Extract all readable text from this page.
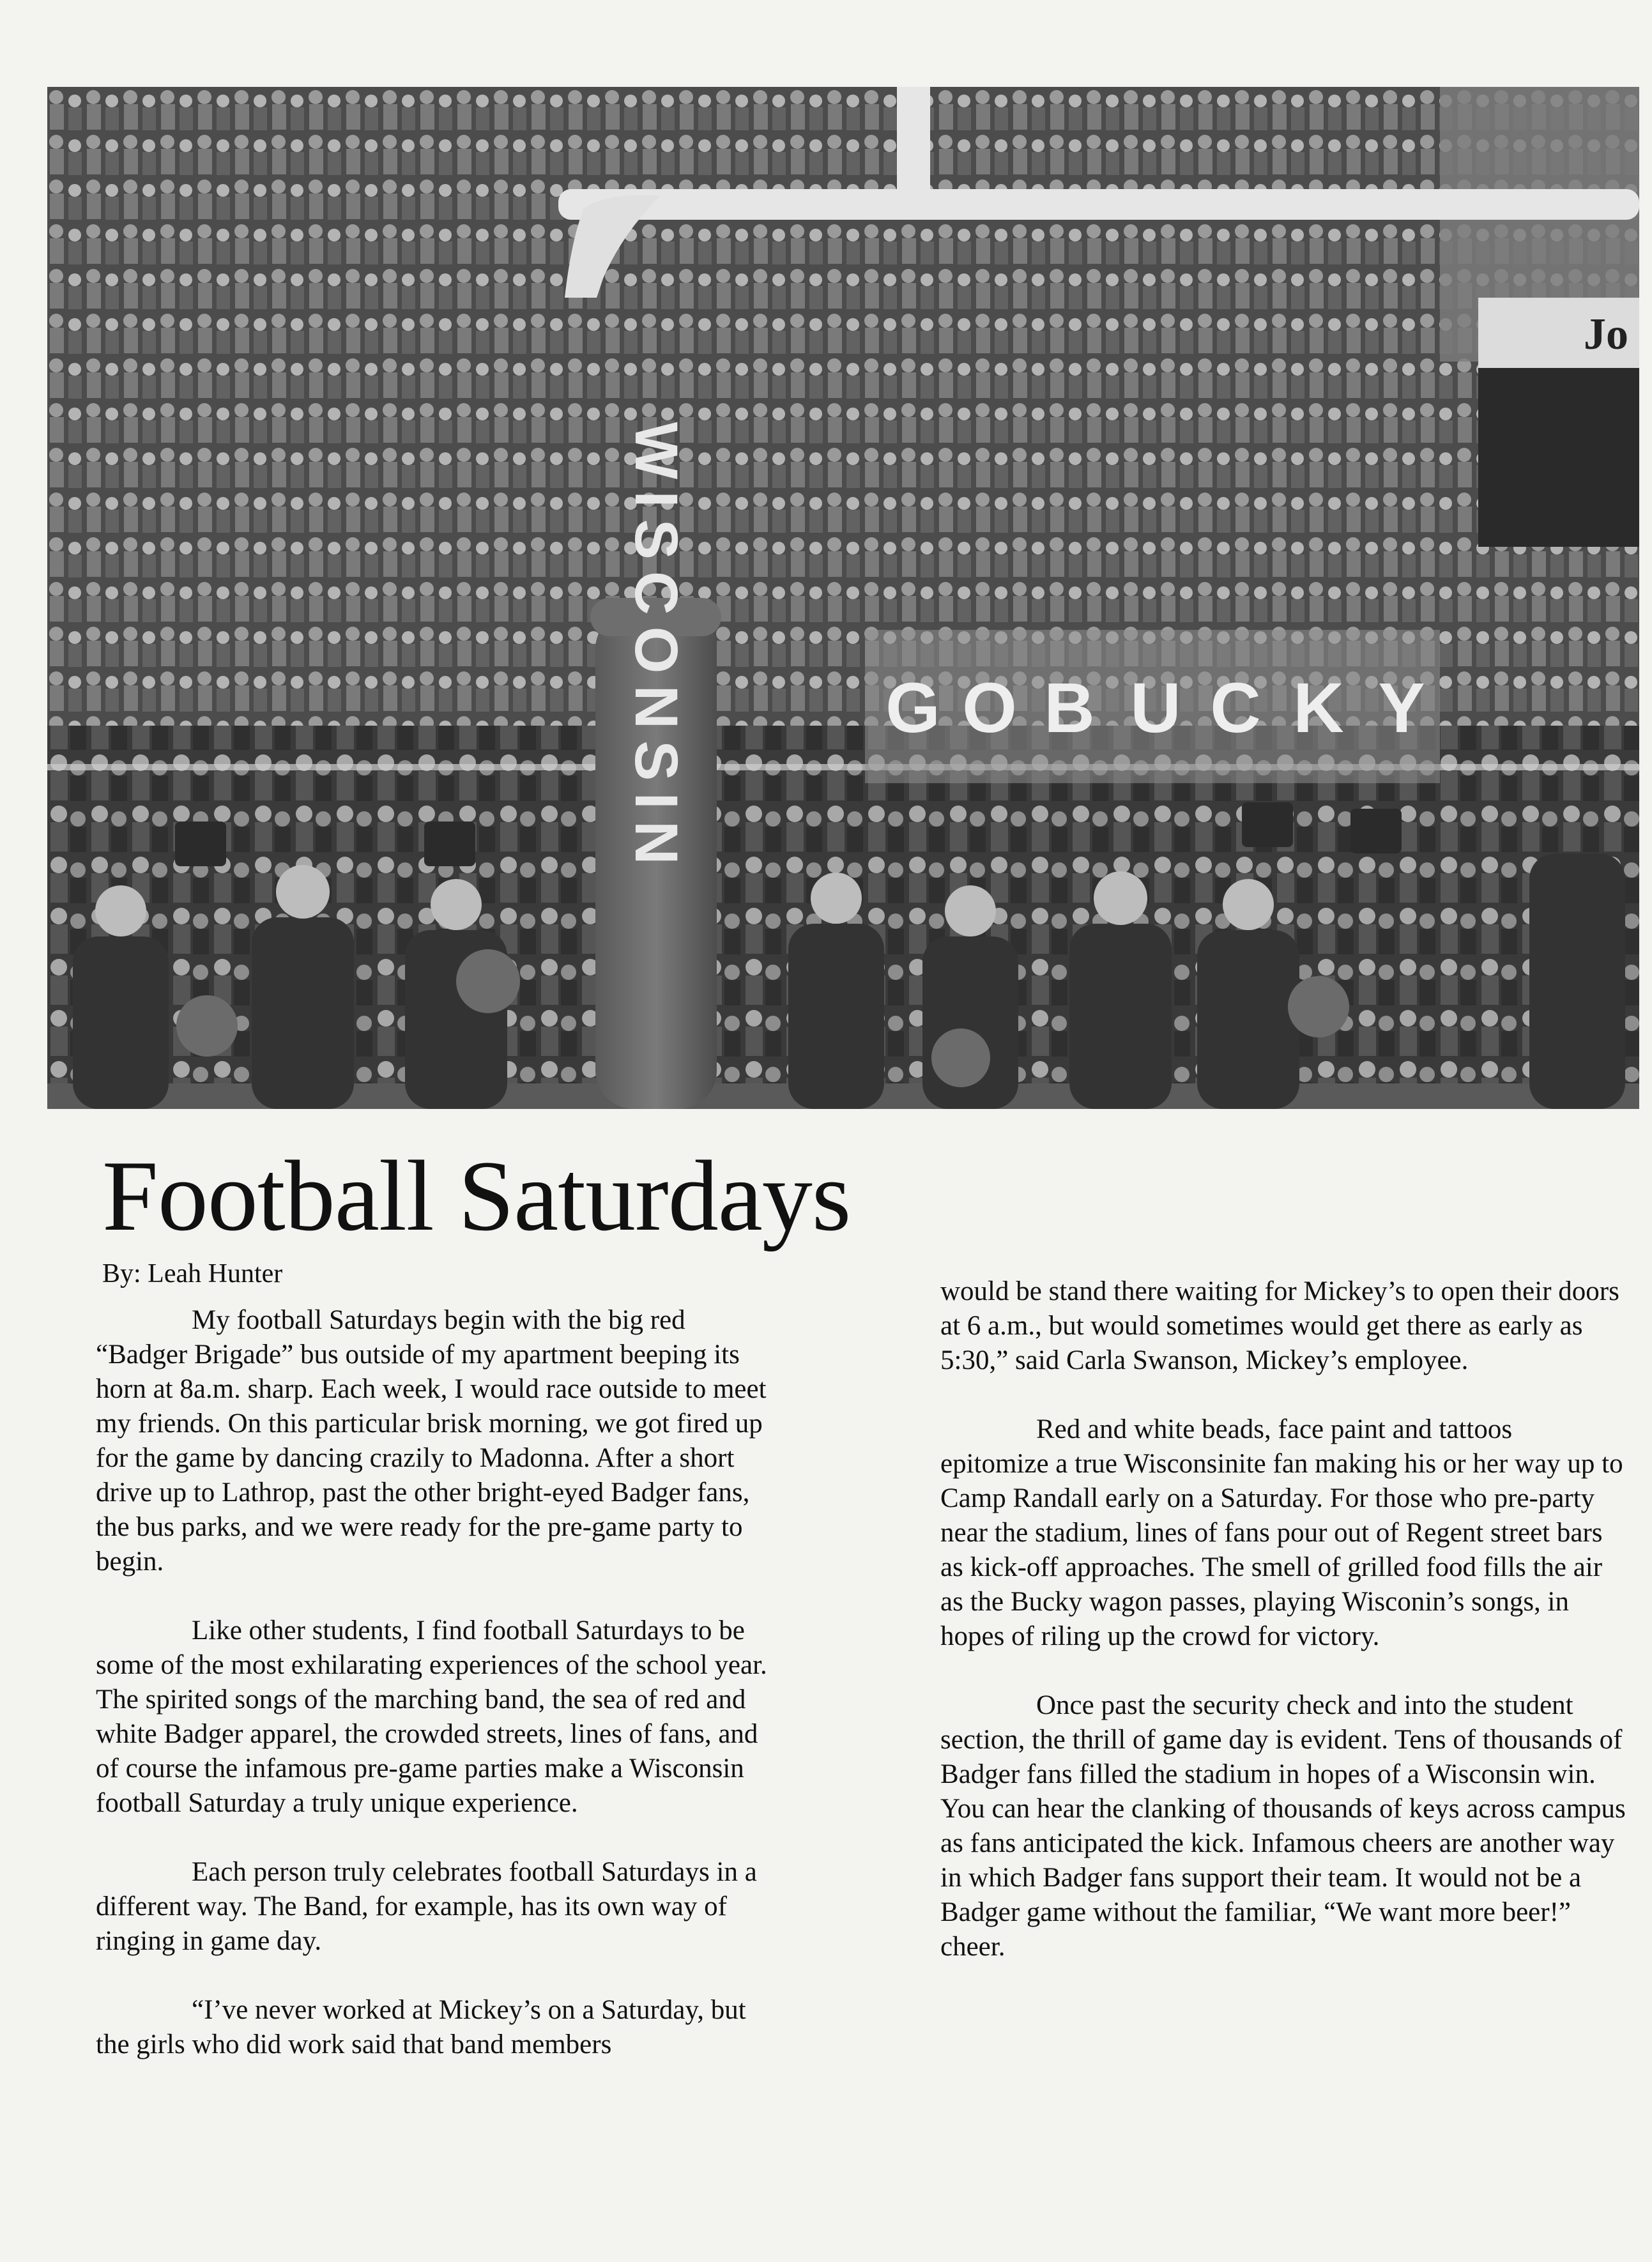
Jo
WISCONSIN	G O B U C K Y
Football Saturdays
By: Leah Hunter

My football Saturdays begin with the big red “Badger Brigade” bus outside of my apartment beeping its horn at 8a.m. sharp. Each week, I would race outside to meet my friends. On this particular brisk morning, we got fired up for the game by dancing crazily to Madonna. After a short drive up to Lathrop, past the other bright-eyed Badger fans, the bus parks, and we were ready for the pre-game party to begin.

Like other students, I find football Saturdays to be some of the most exhilarating experiences of the school year. The spirited songs of the marching band, the sea of red and white Badger apparel, the crowded streets, lines of fans, and of course the infamous pre-game parties make a Wisconsin football Saturday a truly unique experience.

Each person truly celebrates football Saturdays in a different way. The Band, for example, has its own way of ringing in game day.

“I’ve never worked at Mickey’s on a Saturday, but the girls who did work said that band members

would be stand there waiting for Mickey’s to open their doors at 6 a.m., but would sometimes would get there as early as 5:30,” said Carla Swanson, Mickey’s employee.

Red and white beads, face paint and tattoos epitomize a true Wisconsinite fan making his or her way up to Camp Randall early on a Saturday. For those who pre-party near the stadium, lines of fans pour out of Regent street bars as kick-off approaches. The smell of grilled food fills the air as the Bucky wagon passes, playing Wisconin’s songs, in hopes of riling up the crowd for victory.

Once past the security check and into the student section, the thrill of game day is evident. Tens of thousands of Badger fans filled the stadium in hopes of a Wisconsin win. You can hear the clanking of thousands of keys across campus as fans anticipated the kick. Infamous cheers are another way in which Badger fans support their team. It would not be a Badger game without the familiar, “We want more beer!” cheer.
